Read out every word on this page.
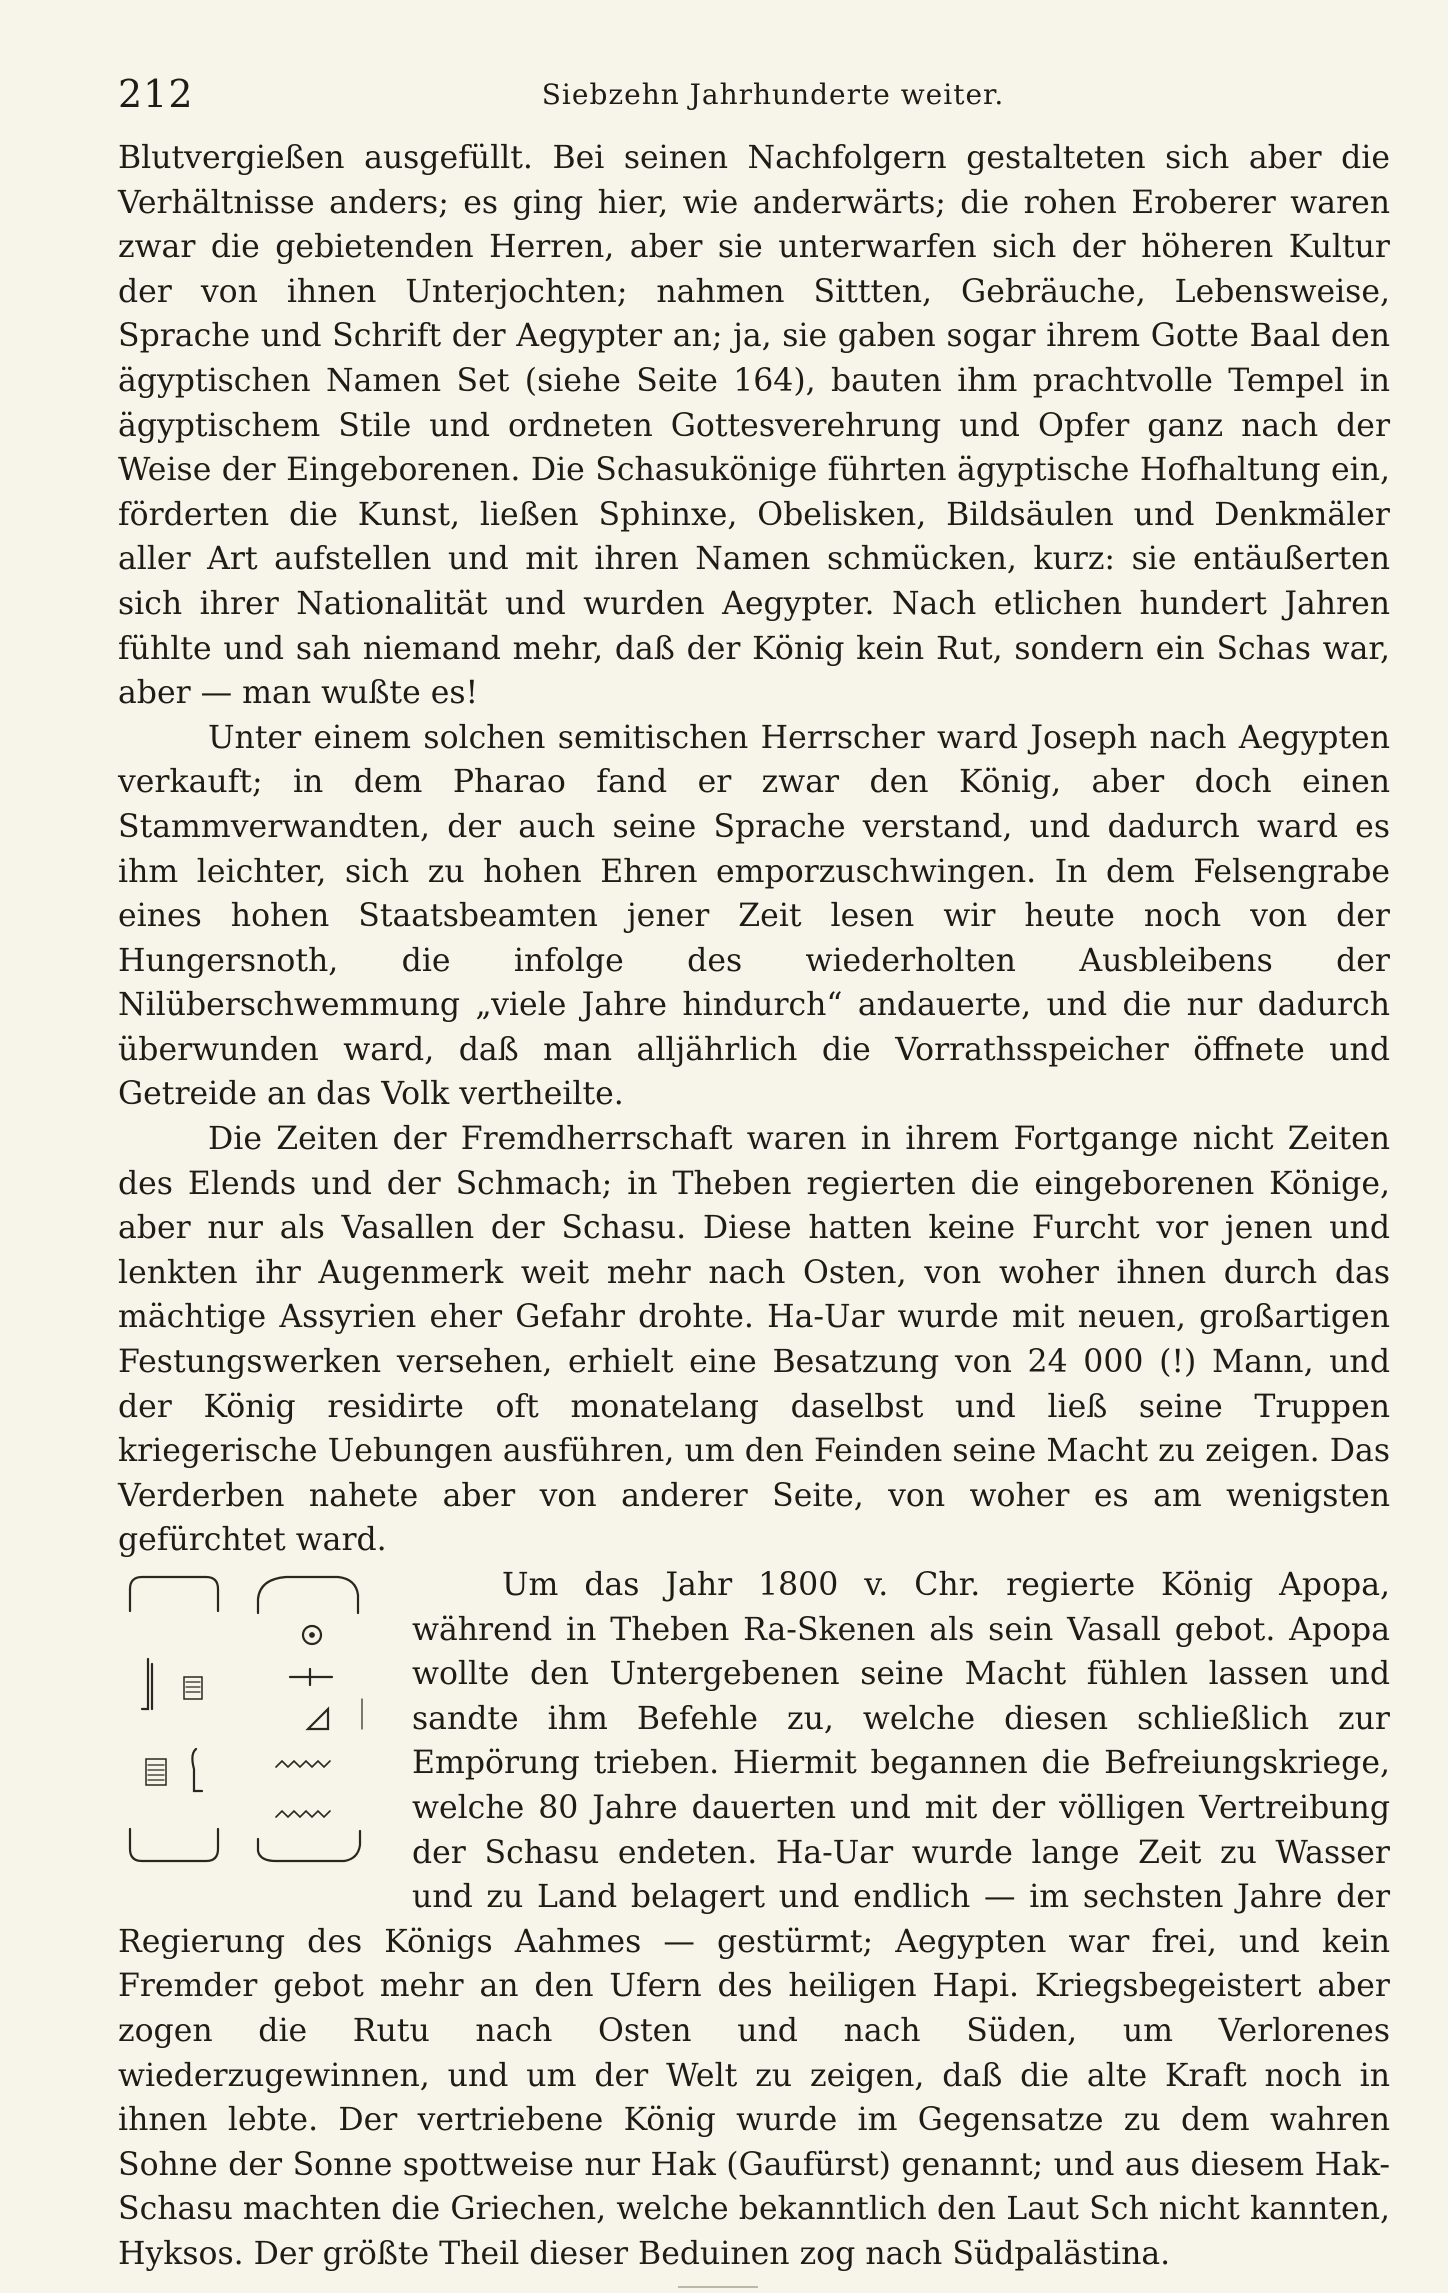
212	Siebzehn Jahrhunderte weiter.

Blutvergießen ausgefüllt. Bei seinen Nachfolgern gestalteten sich aber die Verhältnisse anders; es ging hier, wie anderwärts; die rohen Eroberer waren zwar die gebietenden Herren, aber sie unterwarfen sich der höheren Kultur der von ihnen Unterjochten; nahmen Sittten, Gebräuche, Lebensweise, Sprache und Schrift der Aegypter an; ja, sie gaben sogar ihrem Gotte Baal den ägyptischen Namen Set (siehe Seite 164), bauten ihm prachtvolle Tempel in ägyptischem Stile und ordneten Gottesverehrung und Opfer ganz nach der Weise der Eingeborenen. Die Schasukönige führten ägyptische Hofhaltung ein, förderten die Kunst, ließen Sphinxe, Obelisken, Bildsäulen und Denkmäler aller Art aufstellen und mit ihren Namen schmücken, kurz: sie entäußerten sich ihrer Nationalität und wurden Aegypter. Nach etlichen hundert Jahren fühlte und sah niemand mehr, daß der König kein Rut, sondern ein Schas war, aber — man wußte es!

Unter einem solchen semitischen Herrscher ward Joseph nach Aegypten verkauft; in dem Pharao fand er zwar den König, aber doch einen Stammverwandten, der auch seine Sprache verstand, und dadurch ward es ihm leichter, sich zu hohen Ehren emporzuschwingen. In dem Felsengrabe eines hohen Staatsbeamten jener Zeit lesen wir heute noch von der Hungersnoth, die infolge des wiederholten Ausbleibens der Nilüberschwemmung „viele Jahre hindurch“ andauerte, und die nur dadurch überwunden ward, daß man alljährlich die Vorrathsspeicher öffnete und Getreide an das Volk vertheilte.

Die Zeiten der Fremdherrschaft waren in ihrem Fortgange nicht Zeiten des Elends und der Schmach; in Theben regierten die eingeborenen Könige, aber nur als Vasallen der Schasu. Diese hatten keine Furcht vor jenen und lenkten ihr Augenmerk weit mehr nach Osten, von woher ihnen durch das mächtige Assyrien eher Gefahr drohte. Ha-Uar wurde mit neuen, großartigen Festungswerken versehen, erhielt eine Besatzung von 24 000 (!) Mann, und der König residirte oft monatelang daselbst und ließ seine Truppen kriegerische Uebungen ausführen, um den Feinden seine Macht zu zeigen. Das Verderben nahete aber von anderer Seite, von woher es am wenigsten gefürchtet ward.

Um das Jahr 1800 v. Chr. regierte König Apopa, während in Theben Ra-Skenen als sein Vasall gebot. Apopa wollte den Untergebenen seine Macht fühlen lassen und sandte ihm Befehle zu, welche diesen schließlich zur Empörung trieben. Hiermit begannen die Befreiungskriege, welche 80 Jahre dauerten und mit der völligen Vertreibung der Schasu endeten. Ha-Uar wurde lange Zeit zu Wasser und zu Land belagert und endlich — im sechsten Jahre der Regierung des Königs Aahmes — gestürmt; Aegypten war frei, und kein Fremder gebot mehr an den Ufern des heiligen Hapi. Kriegsbegeistert aber zogen die Rutu nach Osten und nach Süden, um Verlorenes wiederzugewinnen, und um der Welt zu zeigen, daß die alte Kraft noch in ihnen lebte. Der vertriebene König wurde im Gegensatze zu dem wahren Sohne der Sonne spottweise nur Hak (Gaufürst) genannt; und aus diesem Hak-Schasu machten die Griechen, welche bekanntlich den Laut Sch nicht kannten, Hyksos. Der größte Theil dieser Beduinen zog nach Südpalästina.
